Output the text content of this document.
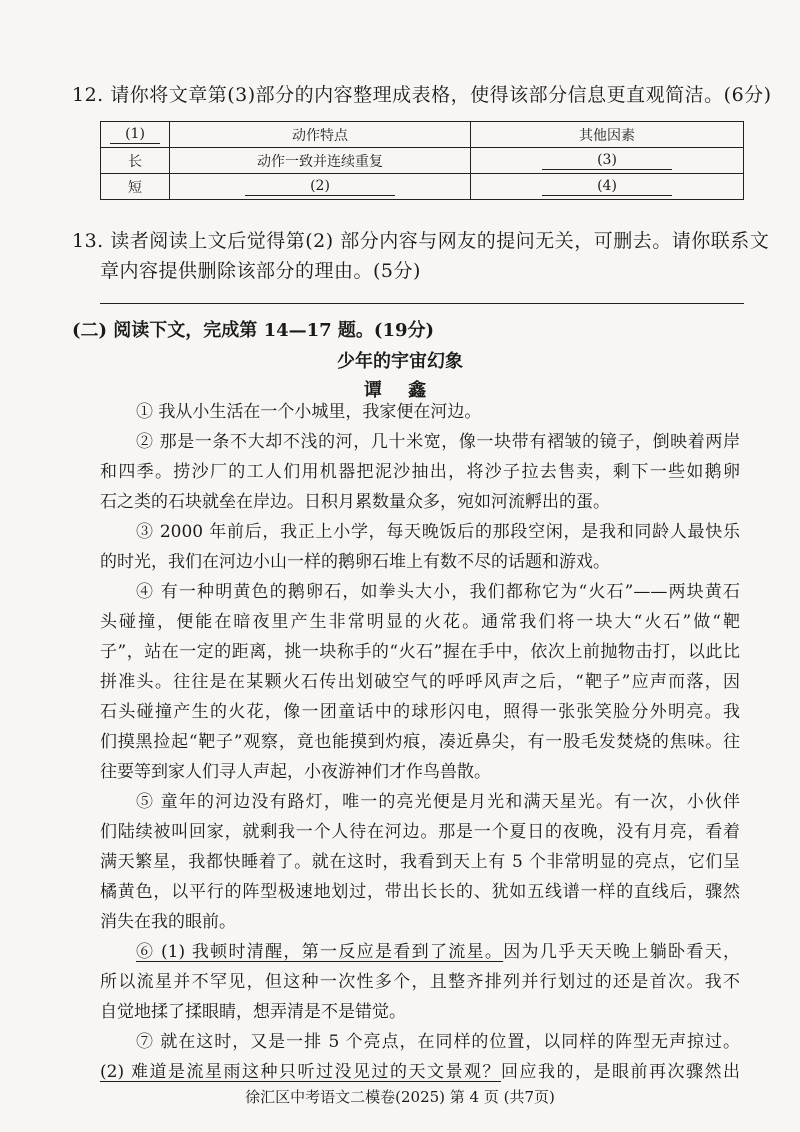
12. 请你将文章第(3)部分的内容整理成表格，使得该部分信息更直观简洁。(6分)
(1)	动作特点	其他因素
长	动作一致并连续重复	(3)
短	(2)	(4)
13. 读者阅读上文后觉得第(2) 部分内容与网友的提问无关，可删去。请你联系文
章内容提供删除该部分的理由。(5分)
(二) 阅读下文，完成第 14—17 题。(19分)
少年的宇宙幻象
谭 鑫
① 我从小生活在一个小城里，我家便在河边。
② 那是一条不大却不浅的河，几十米宽，像一块带有褶皱的镜子，倒映着两岸
和四季。捞沙厂的工人们用机器把泥沙抽出，将沙子拉去售卖，剩下一些如鹅卵
石之类的石块就垒在岸边。日积月累数量众多，宛如河流孵出的蛋。
③ 2000 年前后，我正上小学，每天晚饭后的那段空闲，是我和同龄人最快乐
的时光，我们在河边小山一样的鹅卵石堆上有数不尽的话题和游戏。
④ 有一种明黄色的鹅卵石，如拳头大小，我们都称它为“火石”——两块黄石
头碰撞，便能在暗夜里产生非常明显的火花。通常我们将一块大“火石”做“靶
子”，站在一定的距离，挑一块称手的“火石”握在手中，依次上前抛物击打，以此比
拼准头。往往是在某颗火石传出划破空气的呼呼风声之后，“靶子”应声而落，因
石头碰撞产生的火花，像一团童话中的球形闪电，照得一张张笑脸分外明亮。我
们摸黑捡起“靶子”观察，竟也能摸到灼痕，凑近鼻尖，有一股毛发焚烧的焦味。往
往要等到家人们寻人声起，小夜游神们才作鸟兽散。
⑤ 童年的河边没有路灯，唯一的亮光便是月光和满天星光。有一次，小伙伴
们陆续被叫回家，就剩我一个人待在河边。那是一个夏日的夜晚，没有月亮，看着
满天繁星，我都快睡着了。就在这时，我看到天上有 5 个非常明显的亮点，它们呈
橘黄色，以平行的阵型极速地划过，带出长长的、犹如五线谱一样的直线后，骤然
消失在我的眼前。
⑥ (1) 我顿时清醒，第一反应是看到了流星。因为几乎天天晚上躺卧看天，
所以流星并不罕见，但这种一次性多个，且整齐排列并行划过的还是首次。我不
自觉地揉了揉眼睛，想弄清是不是错觉。
⑦ 就在这时，又是一排 5 个亮点，在同样的位置，以同样的阵型无声掠过。
(2) 难道是流星雨这种只听过没见过的天文景观？回应我的，是眼前再次骤然出
徐汇区中考语文二模卷(2025) 第 4 页 (共7页)
